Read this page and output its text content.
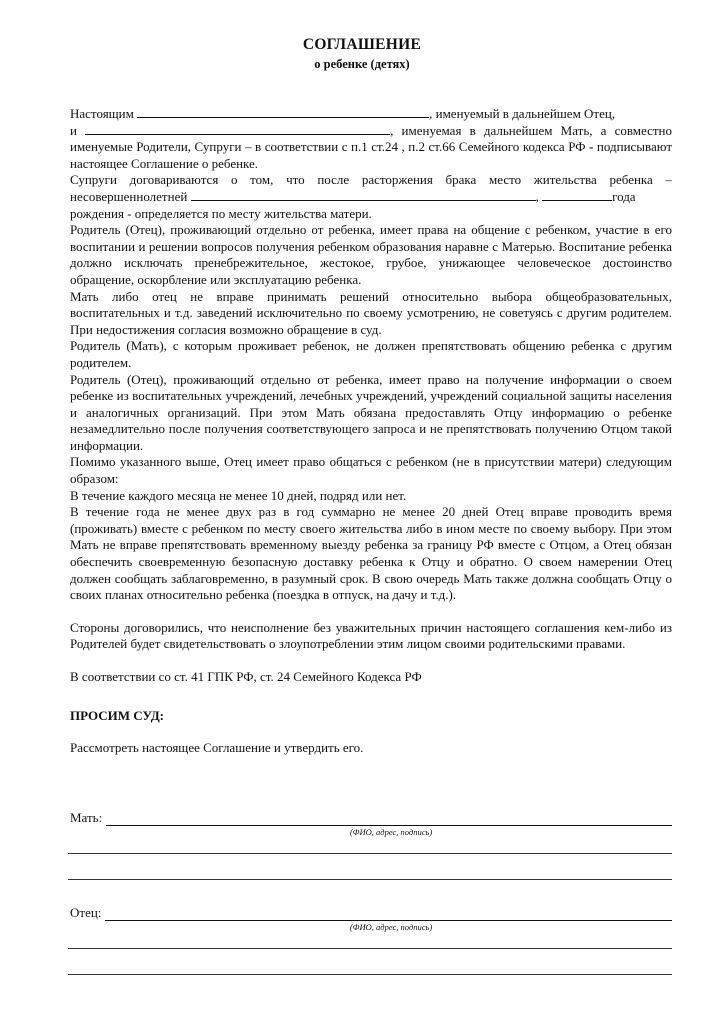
СОГЛАШЕНИЕ
о ребенке (детях)

Настоящим	, именуемый в дальнейшем Отец,
и	, именуемая в дальнейшем Мать, а совместно именуемые Родители, Супруги – в соответствии с п.1 ст.24 , п.2 ст.66 Семейного кодекса РФ - подписывают настоящее Соглашение о ребенке.

Супруги договариваются о том, что после расторжения брака место жительства ребенка – несовершеннолетней	,	года
рождения - определяется по месту жительства матери.

Родитель (Отец), проживающий отдельно от ребенка, имеет права на общение с ребенком, участие в его воспитании и решении вопросов получения ребенком образования наравне с Матерью. Воспитание ребенка должно исключать пренебрежительное, жестокое, грубое, унижающее человеческое достоинство обращение, оскорбление или эксплуатацию ребенка.

Мать либо отец не вправе принимать решений относительно выбора общеобразовательных, воспитательных и т.д. заведений исключительно по своему усмотрению, не советуясь с другим родителем. При недостижения согласия возможно обращение в суд.

Родитель (Мать), с которым проживает ребенок, не должен препятствовать общению ребенка с другим родителем.

Родитель (Отец), проживающий отдельно от ребенка, имеет право на получение информации о своем ребенке из воспитательных учреждений, лечебных учреждений, учреждений социальной защиты населения и аналогичных организаций. При этом Мать обязана предоставлять Отцу информацию о ребенке незамедлительно после получения соответствующего запроса и не препятствовать получению Отцом такой информации.

Помимо указанного выше, Отец имеет право общаться с ребенком (не в присутствии матери) следующим образом:

В течение каждого месяца не менее 10 дней, подряд или нет.

В течение года не менее двух раз в год суммарно не менее 20 дней Отец вправе проводить время (проживать) вместе с ребенком по месту своего жительства либо в ином месте по своему выбору. При этом Мать не вправе препятствовать временному выезду ребенка за границу РФ вместе с Отцом, а Отец обязан обеспечить своевременную безопасную доставку ребенка к Отцу и обратно. О своем намерении Отец должен сообщать заблаговременно, в разумный срок. В свою очередь Мать также должна сообщать Отцу о своих планах относительно ребенка (поездка в отпуск, на дачу и т.д.).

Стороны договорились, что неисполнение без уважительных причин настоящего соглашения кем-либо из Родителей будет свидетельствовать о злоупотреблении этим лицом своими родительскими правами.

В соответствии со ст. 41 ГПК РФ, ст. 24 Семейного Кодекса РФ

ПРОСИМ СУД:

Рассмотреть настоящее Соглашение и утвердить его.

Мать:
(ФИО, адрес, подпись)
Отец:
(ФИО, адрес, подпись)
